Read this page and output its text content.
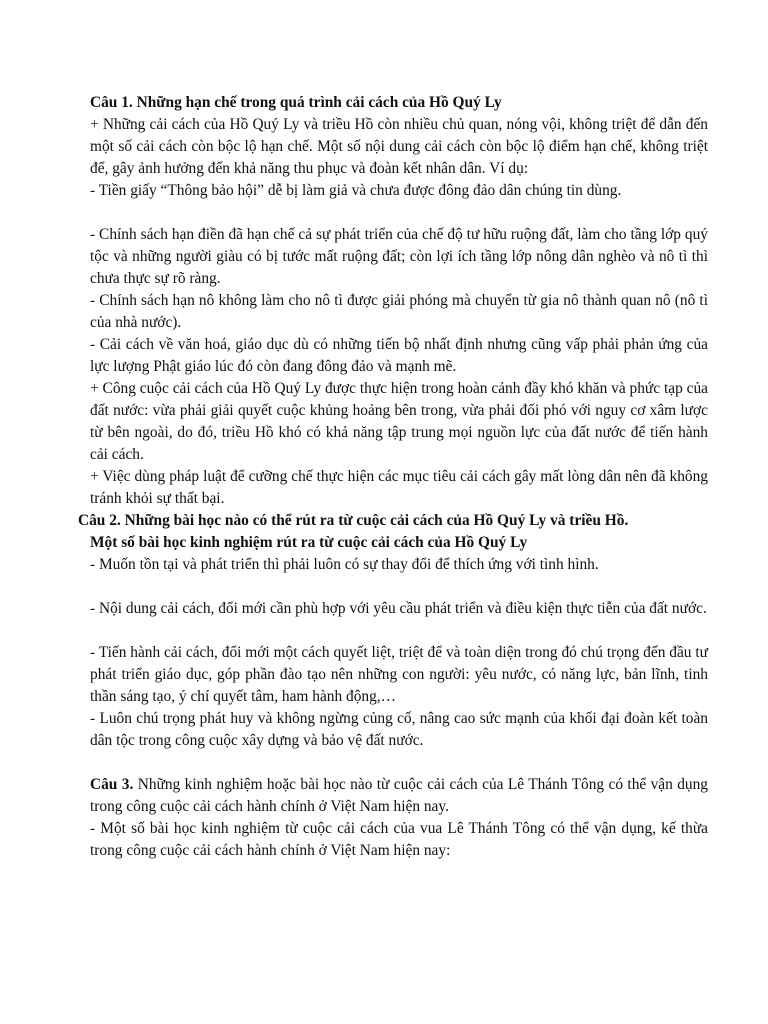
Câu 1. Những hạn chế trong quá trình cải cách của Hồ Quý Ly

+ Những cải cách của Hồ Quý Ly và triều Hồ còn nhiều chủ quan, nóng vội, không triệt để dẫn đến một số cải cách còn bộc lộ hạn chế. Một số nội dung cải cách còn bộc lộ điểm hạn chế, không triệt để, gây ảnh hưởng đến khả năng thu phục và đoàn kết nhân dân. Ví dụ:

- Tiền giấy “Thông bảo hội” dễ bị làm giả và chưa được đông đảo dân chúng tin dùng.

- Chính sách hạn điền đã hạn chế cả sự phát triển của chế độ tư hữu ruộng đất, làm cho tầng lớp quý tộc và những người giàu có bị tước mất ruộng đất; còn lợi ích tầng lớp nông dân nghèo và nô tì thì chưa thực sự rõ ràng.

- Chính sách hạn nô không làm cho nô tì được giải phóng mà chuyển từ gia nô thành quan nô (nô tì của nhà nước).

- Cải cách về văn hoá, giáo dục dù có những tiến bộ nhất định nhưng cũng vấp phải phản ứng của lực lượng Phật giáo lúc đó còn đang đông đảo và mạnh mẽ.

+ Công cuộc cải cách của Hồ Quý Ly được thực hiện trong hoàn cảnh đầy khó khăn và phức tạp của đất nước: vừa phải giải quyết cuộc khủng hoảng bên trong, vừa phải đối phó với nguy cơ xâm lược từ bên ngoài, do đó, triều Hồ khó có khả năng tập trung mọi nguồn lực của đất nước để tiến hành cải cách.

+ Việc dùng pháp luật để cưỡng chế thực hiện các mục tiêu cải cách gây mất lòng dân nên đã không tránh khỏi sự thất bại.

Câu 2. Những bài học nào có thể rút ra từ cuộc cải cách của Hồ Quý Ly và triều Hồ.
Một số bài học kinh nghiệm rút ra từ cuộc cải cách của Hồ Quý Ly

- Muốn tồn tại và phát triển thì phải luôn có sự thay đổi để thích ứng với tình hình.

- Nội dung cải cách, đổi mới cần phù hợp với yêu cầu phát triển và điều kiện thực tiễn của đất nước.

- Tiến hành cải cách, đổi mới một cách quyết liệt, triệt để và toàn diện trong đó chú trọng đến đầu tư phát triển giáo dục, góp phần đào tạo nên những con người: yêu nước, có năng lực, bản lĩnh, tinh thần sáng tạo, ý chí quyết tâm, ham hành động,…

- Luôn chú trọng phát huy và không ngừng củng cố, nâng cao sức mạnh của khối đại đoàn kết toàn dân tộc trong công cuộc xây dựng và bảo vệ đất nước.

Câu 3. Những kinh nghiệm hoặc bài học nào từ cuộc cải cách của Lê Thánh Tông có thể vận dụng trong công cuộc cải cách hành chính ở Việt Nam hiện nay.

- Một số bài học kinh nghiệm từ cuộc cải cách của vua Lê Thánh Tông có thể vận dụng, kế thừa trong công cuộc cải cách hành chính ở Việt Nam hiện nay:
